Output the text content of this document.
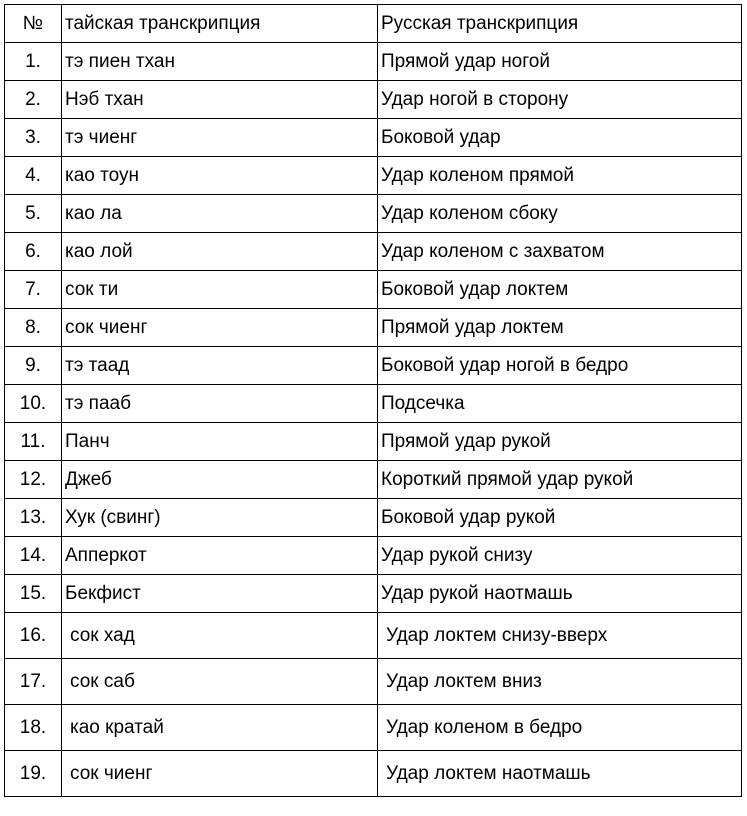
№	тайская транскрипция	Русская транскрипция
1.	тэ пиен тхан	Прямой удар ногой
2.	Нэб тхан	Удар ногой в сторону
3.	тэ чиенг	Боковой удар
4.	као тоун	Удар коленом прямой
5.	као ла	Удар коленом сбоку
6.	као лой	Удар коленом с захватом
7.	сок ти	Боковой удар локтем
8.	сок чиенг	Прямой удар локтем
9.	тэ таад	Боковой удар ногой в бедро
10.	тэ пааб	Подсечка
11.	Панч	Прямой удар рукой
12.	Джеб	Короткий прямой удар рукой
13.	Хук (свинг)	Боковой удар рукой
14.	Апперкот	Удар рукой снизу
15.	Бекфист	Удар рукой наотмашь
16.	сок хад	Удар локтем снизу-вверх
17.	сок саб	Удар локтем вниз
18.	као кратай	Удар коленом в бедро
19.	сок чиенг	Удар локтем наотмашь
